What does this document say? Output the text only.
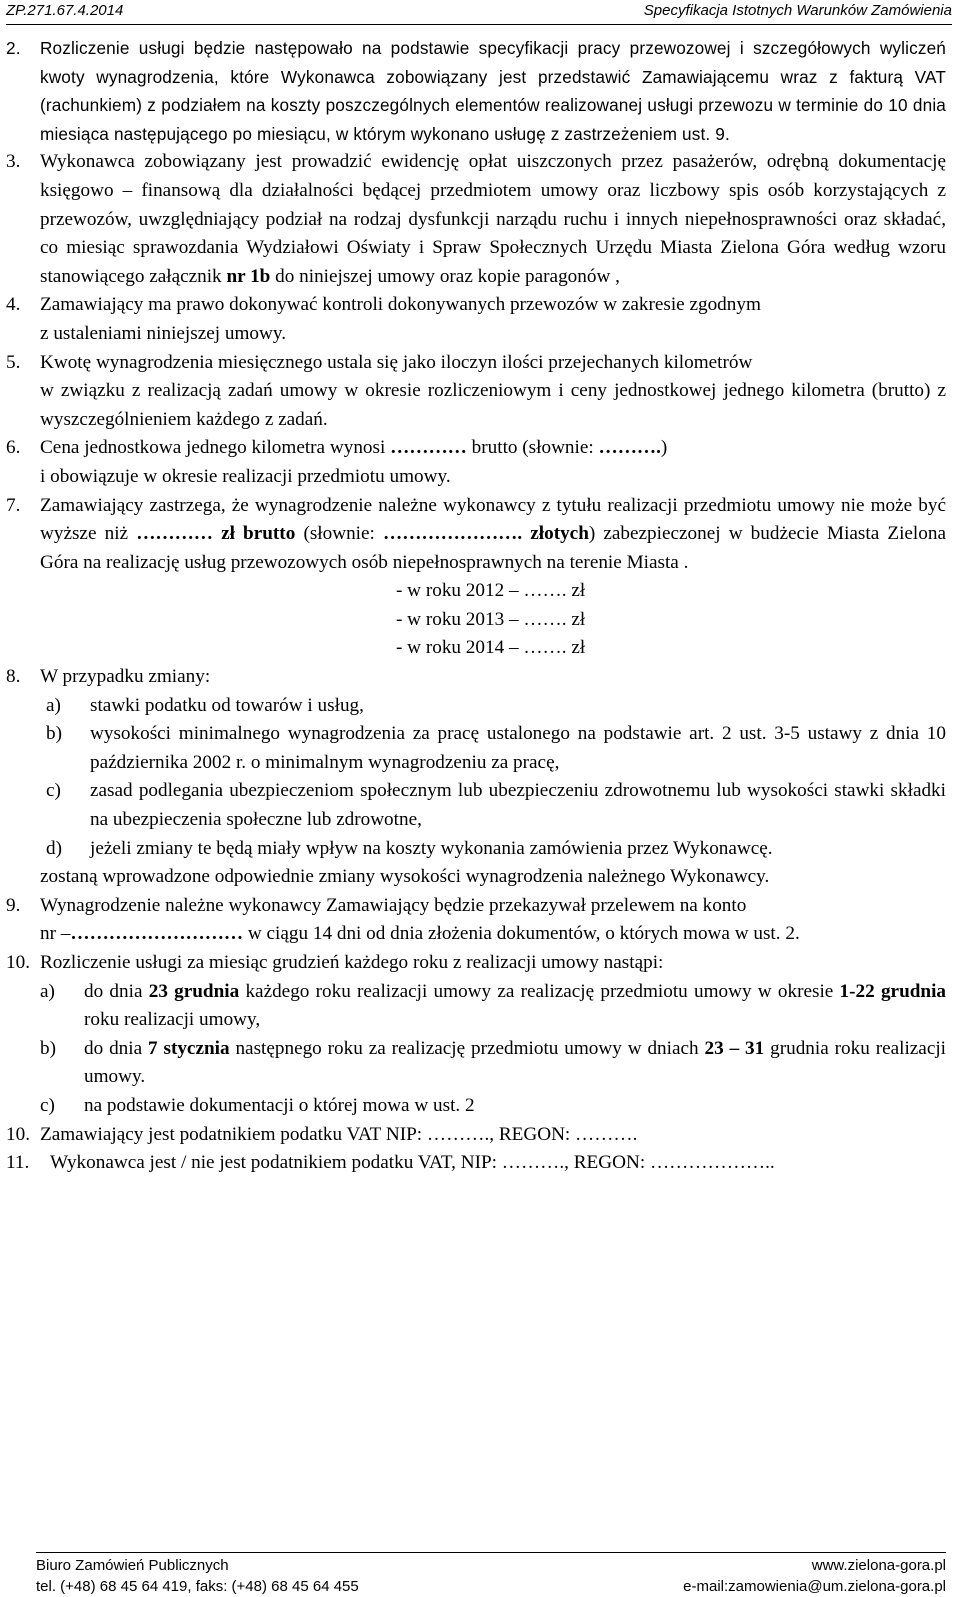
ZP.271.67.4.2014	Specyfikacja Istotnych Warunków Zamówienia
2. Rozliczenie usługi będzie następowało na podstawie specyfikacji pracy przewozowej i szczegółowych wyliczeń kwoty wynagrodzenia, które Wykonawca zobowiązany jest przedstawić Zamawiającemu wraz z fakturą VAT (rachunkiem) z podziałem na koszty poszczególnych elementów realizowanej usługi przewozu w terminie do 10 dnia miesiąca następującego po miesiącu, w którym wykonano usługę z zastrzeżeniem ust. 9.

3. Wykonawca zobowiązany jest prowadzić ewidencję opłat uiszczonych przez pasażerów, odrębną dokumentację księgowo – finansową dla działalności będącej przedmiotem umowy oraz liczbowy spis osób korzystających z przewozów, uwzględniający podział na rodzaj dysfunkcji narządu ruchu i innych niepełnosprawności oraz składać, co miesiąc sprawozdania Wydziałowi Oświaty i Spraw Społecznych Urzędu Miasta Zielona Góra według wzoru stanowiącego załącznik nr 1b do niniejszej umowy oraz kopie paragonów ,

4. Zamawiający ma prawo dokonywać kontroli dokonywanych przewozów w zakresie zgodnym

z ustaleniami niniejszej umowy.

5. Kwotę wynagrodzenia miesięcznego ustala się jako iloczyn ilości przejechanych kilometrów

w związku z realizacją zadań umowy w okresie rozliczeniowym i ceny jednostkowej jednego kilometra (brutto) z wyszczególnieniem każdego z zadań.

6. Cena jednostkowa jednego kilometra wynosi ………… brutto (słownie: ……….)

i obowiązuje w okresie realizacji przedmiotu umowy.

7. Zamawiający zastrzega, że wynagrodzenie należne wykonawcy z tytułu realizacji przedmiotu umowy nie może być wyższe niż ………… zł brutto (słownie: …………………. złotych) zabezpieczonej w budżecie Miasta Zielona Góra na realizację usług przewozowych osób niepełnosprawnych na terenie Miasta .

- w roku 2012 – ……. zł

- w roku 2013 – ……. zł

- w roku 2014 – ……. zł

8. W przypadku zmiany:

a) stawki podatku od towarów i usług,

b) wysokości minimalnego wynagrodzenia za pracę ustalonego na podstawie art. 2 ust. 3-5 ustawy z dnia 10 października 2002 r. o minimalnym wynagrodzeniu za pracę,

c) zasad podlegania ubezpieczeniom społecznym lub ubezpieczeniu zdrowotnemu lub wysokości stawki składki na ubezpieczenia społeczne lub zdrowotne,

d) jeżeli zmiany te będą miały wpływ na koszty wykonania zamówienia przez Wykonawcę.

zostaną wprowadzone odpowiednie zmiany wysokości wynagrodzenia należnego Wykonawcy.

9. Wynagrodzenie należne wykonawcy Zamawiający będzie przekazywał przelewem na konto

nr –……………………… w ciągu 14 dni od dnia złożenia dokumentów, o których mowa w ust. 2.

10. Rozliczenie usługi za miesiąc grudzień każdego roku z realizacji umowy nastąpi:

a) do dnia 23 grudnia każdego roku realizacji umowy za realizację przedmiotu umowy w okresie 1-22 grudnia roku realizacji umowy,

b) do dnia 7 stycznia następnego roku za realizację przedmiotu umowy w dniach 23 – 31 grudnia roku realizacji umowy.

c) na podstawie dokumentacji o której mowa w ust. 2

10. Zamawiający jest podatnikiem podatku VAT NIP: ………., REGON: ……….

11.	Wykonawca jest / nie jest podatnikiem podatku VAT, NIP: ………., REGON: ………………..

Biuro Zamówień Publicznych
tel. (+48) 68 45 64 419, faks: (+48) 68 45 64 455
www.zielona-gora.pl
e-mail:zamowienia@um.zielona-gora.pl
